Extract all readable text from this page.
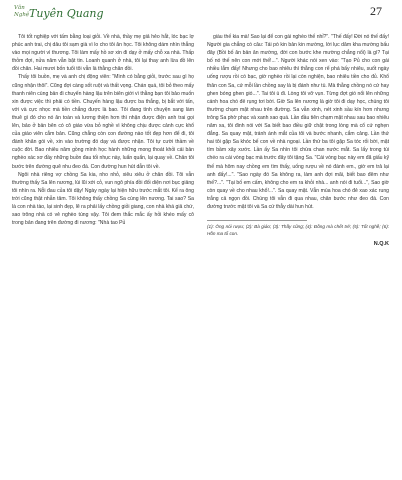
Văn
Nghệ Tuyên Quang	27

Tôi tốt nghiệp với tấm bằng loại giỏi. Về nhà, thầy mẹ giả hẻo hắt, lóc bạc lợ phúc anh trai, chị dâu tôi sạm già vì lo cho tôi ăn học. Tôi không dám nhìn thẳng vào mọi người vì thương. Tôi làm mấy hồ sơ xin đi dạy ở mấy chỗ xa nhà. Thấp thỏm đợi, nửa năm vẫn bặt tin. Loanh quanh ở nhà, tôi lại thay anh lừa đồ lên đồi chăn. Hai mươi bốn tuổi tôi vẫn là thằng chăn đồi.

Thấy tôi buồn, mẹ và anh chị động viên: "Mình có bằng giỏi, trước sau gì họ cũng nhận thôi". Cũng đợi càng sốt ruột và thất vọng. Chán quá, tôi bỏ theo mấy thanh niên cùng bản đi chuyển hàng lậu trên biên giới vì thằng bạn tôi bảo muốn xin được việc thì phải có tiền. Chuyến hàng lậu được ba thắng, bị bắt với tấn, với và cực nhọc mà tiền chẳng được là bao. Tôi đang tính chuyện sang làm thuê gì đó cho nó ăn toàn và lương thiện hơn thì nhận được điện anh trai gọi lên, bảo ở bản bên có cô giáo vừa bỏ nghề vì không chịu được cảnh cực khổ của giáo viên cắm bản. Cũng chẳng còn con đường nào tốt đẹp hơn để đi, tôi đành khăn gói về, xin vào trường đó dạy và được nhận. Tôi tự cười thầm về cuộc đời. Bao nhiêu năm gồng mình học hành những mong thoát khỏi cái bản nghèo xác xơ đầy những buồn đau tối nhục này, luẩn quẩn, lại quay về. Chân tôi bước trên đường quê nhu đeo đá. Con đường hun hút dẫn tôi về.

Ngôi nhà riêng vợ chồng Sa kia, nho nhỏ, xiêu xiêu ở chân đồi. Tôi vẫn thường thấy Sa lên nương, lùi lũi xới cỏ, vun ngô phía đồi đối diện nơi bục giảng tôi nhìn ra. Nỗi đau của tôi dậy! Ngày ngày lại hiện hữu trước mắt tôi. Kể ra ông trời cũng thật nhẫn tâm. Tôi không thấy chồng Sa cùng lên nương. Tai sao? Sa là con nhà tào, lại sinh đẹp, lẽ ra phải lấy chồng giỏi giang, con nhà khá giả chứ, sao trông nhà có vẻ nghèo túng vậy. Tôi đem thắc mắc ấy hỏi khéo mấy cô trong bản đang trên đường đi nương: "Nhà tao Pủ

giàu thế kia mà! Sao lại để con gái nghèo thế nhỉ?". "Thế đấy! Đời nó thế đấy! Người gia chẳng có câu: Tái pò kin bản kin mường, lời lục dâm kha mường bấu đây (Bồi bố ăn bản ăn mường, đời con bước khe mường chẳng nổi) là gì? Tại bố nó thế nên con mới thế!...". Người khác nói xen vào: "Tạo Pủ cho con gái nhiều lắm đấy! Nhưng cho bao nhiêu thì thằng con rể phá bấy nhiêu, suốt ngày uống rượu rồi có bạc, giờ nghèo rồi lại còn nghiện, bao nhiêu tiền cho đủ. Khổ thân con Sa, cứ mỗi lần chồng say là bị đánh như tù. Mà thằng chồng nó cứ hay ghen bóng ghen gió...". Tai tôi ù đi. Lòng tôi vỡ vụn. Từng đợt gió nổi lên những cánh hoa chó đẻ rụng tơi bời. Giờ Sa lên nương là giờ tôi đi dạy học, chúng tôi thường chạm mặt nhau trên đường. Sa vẫn xinh, nét xinh sầu kín hơn nhưng trông Sa phờ phạc và xanh xao quá. Lần đầu tiên chạm mặt nhau sau bao nhiêu năm xa, tôi đinh nói với Sa biết bao điều giữ chặt trong lòng mà cổ cứ nghẹn đắng. Sa quay mặt, tránh ánh mắt của tôi và bước nhanh, cắm cảng. Lần thứ hai tôi gặp Sa khóc bế con về nhà ngoại. Lần thứ ba tôi gặp Sa tóc rối bời, mặt tím bầm xây xước. Lần ấy Sa nhìn tôi chừa chan nước mắt. Sa lấy trong túi chéo ra cái vòng bạc mà trước đây tôi tặng Sa. "Cái vòng bạc này em đã giấu kỹ thế mà hôm nay chồng em tìm thấy, uống rượu về nó đánh em., giờ em trả lại anh đấy!...". "Sao ngày đó Sa không ra, làm anh đợi mãi, biết bao đêm như thế?...". "Tại bố em cấm, không cho em ra khỏi nhà... anh nói đi tuổi...", Sao giờ còn quay về cho nhau khổ!...". Sa quay mặt. Vẫn mùa hoa chó đẻ xao xác rung trắng cả ngọn đồi. Chúng tôi vẫn đi qua nhau, chân bước như đeo đá. Con đường trước mặt tôi và Sa cứ thẳy dài hun hút.

(1): Ông nói rượu; (2): Bà giáo; (3): Thầy cũng; (4): Đồng mà chết trẻ; (5): Tốt nghề; (6): Hồn ma tổ con.

N.Q.K
